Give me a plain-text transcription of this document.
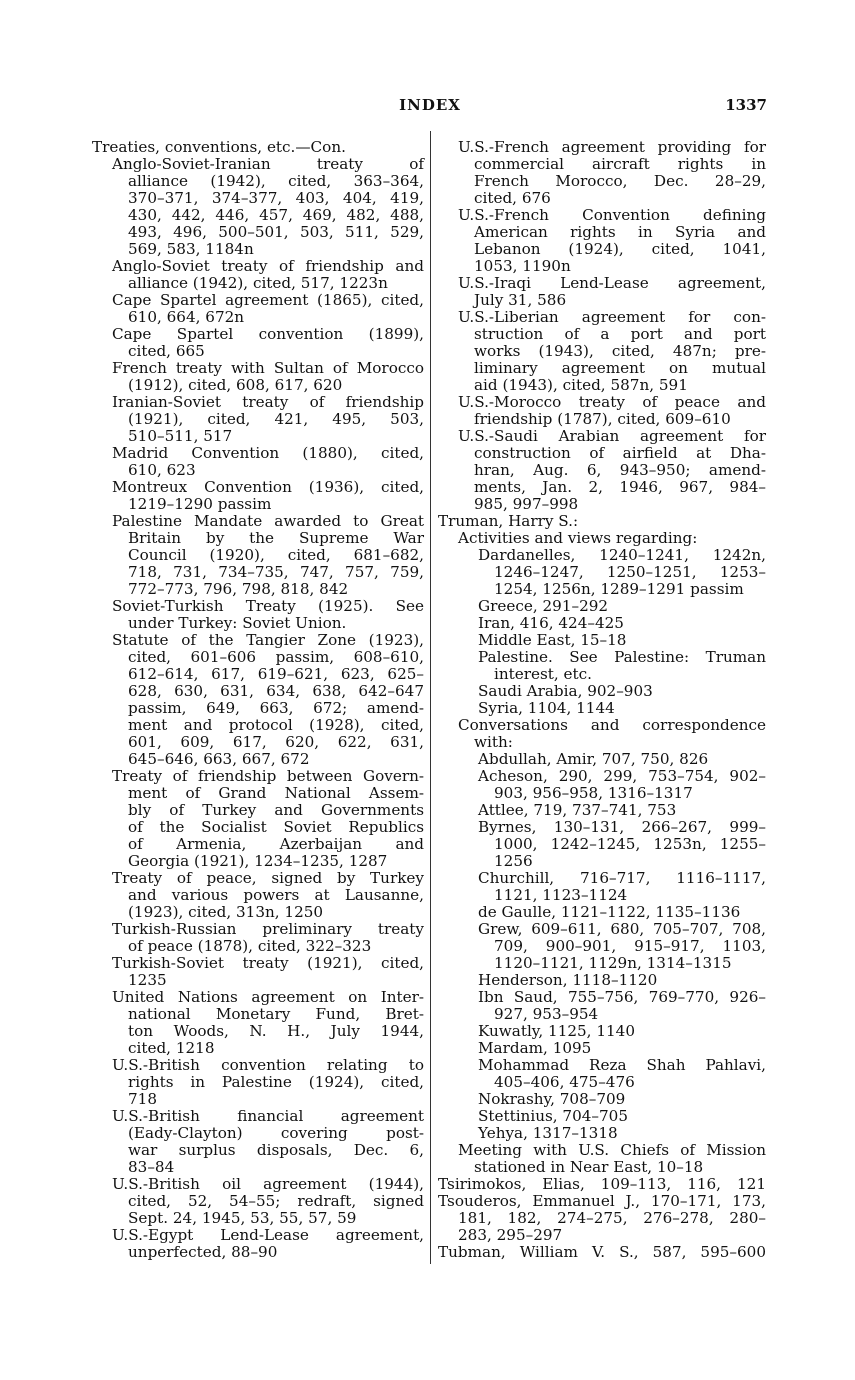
INDEX	1337
Treaties, conventions, etc.—Con.
Anglo-Soviet-Iranian treaty of
alliance (1942), cited, 363–364,
370–371, 374–377, 403, 404, 419,
430, 442, 446, 457, 469, 482, 488,
493, 496, 500–501, 503, 511, 529,
569, 583, 1184n
Anglo-Soviet treaty of friendship and
alliance (1942), cited, 517, 1223n
Cape Spartel agreement (1865), cited,
610, 664, 672n
Cape Spartel convention (1899),
cited, 665
French treaty with Sultan of Morocco
(1912), cited, 608, 617, 620
Iranian-Soviet treaty of friendship
(1921), cited, 421, 495, 503,
510–511, 517
Madrid Convention (1880), cited,
610, 623
Montreux Convention (1936), cited,
1219–1290 passim
Palestine Mandate awarded to Great
Britain by the Supreme War
Council (1920), cited, 681–682,
718, 731, 734–735, 747, 757, 759,
772–773, 796, 798, 818, 842
Soviet-Turkish Treaty (1925). See
under Turkey: Soviet Union.
Statute of the Tangier Zone (1923),
cited, 601–606 passim, 608–610,
612–614, 617, 619–621, 623, 625–
628, 630, 631, 634, 638, 642–647
passim, 649, 663, 672; amend-
ment and protocol (1928), cited,
601, 609, 617, 620, 622, 631,
645–646, 663, 667, 672
Treaty of friendship between Govern-
ment of Grand National Assem-
bly of Turkey and Governments
of the Socialist Soviet Republics
of Armenia, Azerbaijan and
Georgia (1921), 1234–1235, 1287
Treaty of peace, signed by Turkey
and various powers at Lausanne,
(1923), cited, 313n, 1250
Turkish-Russian preliminary treaty
of peace (1878), cited, 322–323
Turkish-Soviet treaty (1921), cited,
1235
United Nations agreement on Inter-
national Monetary Fund, Bret-
ton Woods, N. H., July 1944,
cited, 1218
U.S.-British convention relating to
rights in Palestine (1924), cited,
718
U.S.-British financial agreement
(Eady-Clayton) covering post-
war surplus disposals, Dec. 6,
83–84
U.S.-British oil agreement (1944),
cited, 52, 54–55; redraft, signed
Sept. 24, 1945, 53, 55, 57, 59
U.S.-Egypt Lend-Lease agreement,
unperfected, 88–90
U.S.-French agreement providing for
commercial aircraft rights in
French Morocco, Dec. 28–29,
cited, 676
U.S.-French Convention defining
American rights in Syria and
Lebanon (1924), cited, 1041,
1053, 1190n
U.S.-Iraqi Lend-Lease agreement,
July 31, 586
U.S.-Liberian agreement for con-
struction of a port and port
works (1943), cited, 487n; pre-
liminary agreement on mutual
aid (1943), cited, 587n, 591
U.S.-Morocco treaty of peace and
friendship (1787), cited, 609–610
U.S.-Saudi Arabian agreement for
construction of airfield at Dha-
hran, Aug. 6, 943–950; amend-
ments, Jan. 2, 1946, 967, 984–
985, 997–998
Truman, Harry S.:
Activities and views regarding:
Dardanelles, 1240–1241, 1242n,
1246–1247, 1250–1251, 1253–
1254, 1256n, 1289–1291 passim
Greece, 291–292
Iran, 416, 424–425
Middle East, 15–18
Palestine. See Palestine: Truman
interest, etc.
Saudi Arabia, 902–903
Syria, 1104, 1144
Conversations and correspondence
with:
Abdullah, Amir, 707, 750, 826
Acheson, 290, 299, 753–754, 902–
903, 956–958, 1316–1317
Attlee, 719, 737–741, 753
Byrnes, 130–131, 266–267, 999–
1000, 1242–1245, 1253n, 1255–
1256
Churchill, 716–717, 1116–1117,
1121, 1123–1124
de Gaulle, 1121–1122, 1135–1136
Grew, 609–611, 680, 705–707, 708,
709, 900–901, 915–917, 1103,
1120–1121, 1129n, 1314–1315
Henderson, 1118–1120
Ibn Saud, 755–756, 769–770, 926–
927, 953–954
Kuwatly, 1125, 1140
Mardam, 1095
Mohammad Reza Shah Pahlavi,
405–406, 475–476
Nokrashy, 708–709
Stettinius, 704–705
Yehya, 1317–1318
Meeting with U.S. Chiefs of Mission
stationed in Near East, 10–18
Tsirimokos, Elias, 109–113, 116, 121
Tsouderos, Emmanuel J., 170–171, 173,
181, 182, 274–275, 276–278, 280–
283, 295–297
Tubman, William V. S., 587, 595–600
